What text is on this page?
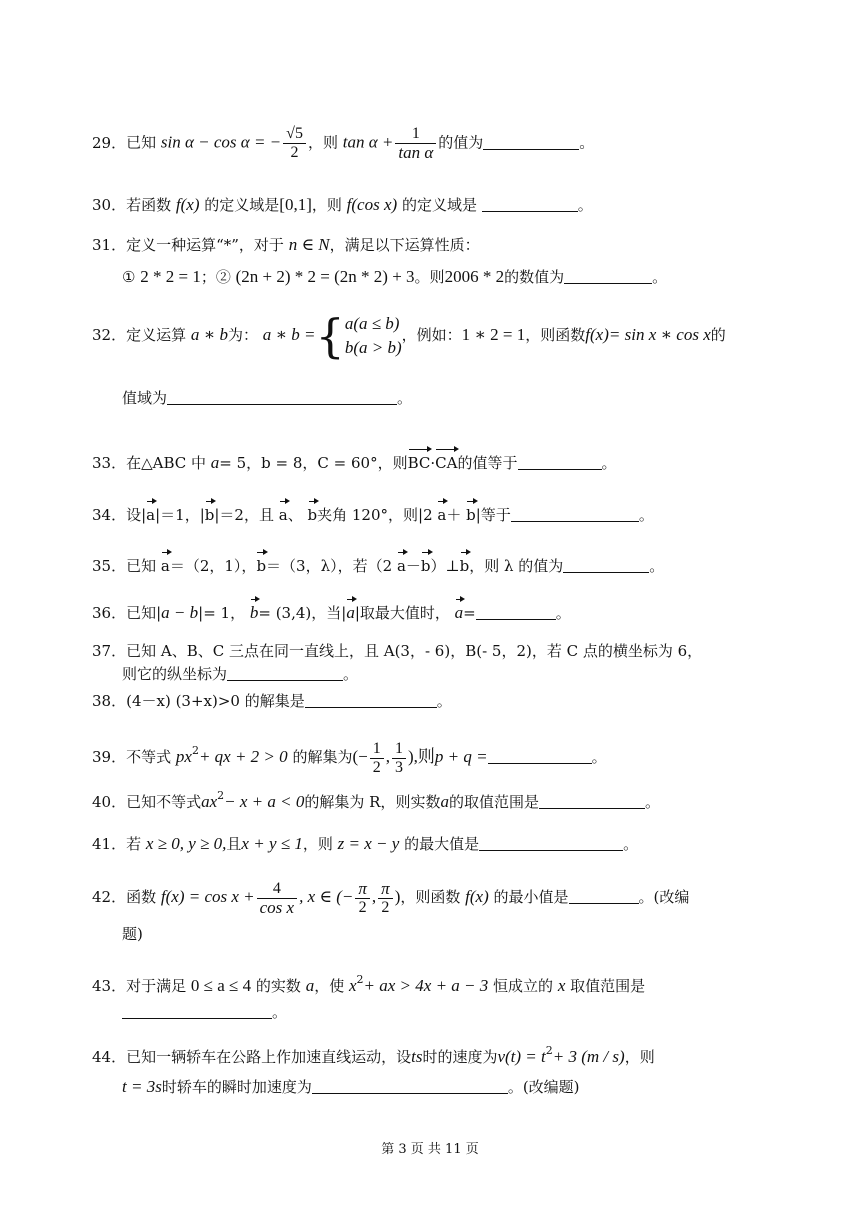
29．已知 sin α − cos α = − $\frac{√5}{2}$ ，则 $\tan \alpha + \frac{1}{\text{tan α}}$ 的值为	。
30．若函数 f(x) 的定义域是[0,1]，则 f(cos x) 的定义域是	。
31．定义一种运算“*”，对于 n ∈ N，满足以下运算性质：
① 2 * 2 = 1；② (2n + 2) * 2 = (2n * 2) + 3。则2006 * 2的数值为	。
32．定义运算 a ∗ b为： a ∗ b ={ a(a ≤ b)
b(a > b)
，例如：1 ∗ 2 = 1，则函数f(x)= sin x ∗ cos x的
值域为	。
33．在△ABC 中 a= 5，b = 8，C = 60°，则BC·CA的值等于	。
34．设|a|＝1，|b|＝2，且 a、 b夹角 120°，则|2 a＋ b|等于	。
35．已知 a＝（2，1），b＝（3，λ），若（2 a－b）⊥b，则 λ 的值为	。
36．已知|a − b|= 1， b= (3,4)，当|a|取最大值时， a=	。
37．已知 A、B、C 三点在同一直线上，且 A(3，- 6)，B(- 5，2)，若 C 点的横坐标为 6，
则它的纵坐标为	。
38．(4－x) (3+x)>0 的解集是	。
39．不等式 $px^2+$ qx + 2 > 0 的解集为(− $\frac{1}{2}$ , $\frac{1}{3}$ ),则p + q =	。
40．已知不等式$ax^2- x + a < 0$的解集为 R，则实数a的取值范围是	。
41．若 x ≥ 0, y ≥ 0,且x + y ≤ 1，则 z = x − y 的最大值是	。
42．函数 $f(x) = \cos x + \frac{4}{\text{cos x}}$ , x ∈ (− $\frac{\pi}{2}$ , $\frac{\pi}{2}$ )，则函数 f(x) 的最小值是	。(改编
题)
43．对于满足 0 ≤ a ≤ 4 的实数 a，使 $x^2+$ ax > 4x + a − 3 恒成立的 x 取值范围是
。
44．已知一辆轿车在公路上作加速直线运动，设ts时的速度为$v(t) = t^2+ 3$ (m / s)，则
t = 3s时轿车的瞬时加速度为	。(改编题)
第 3 页 共 11 页
